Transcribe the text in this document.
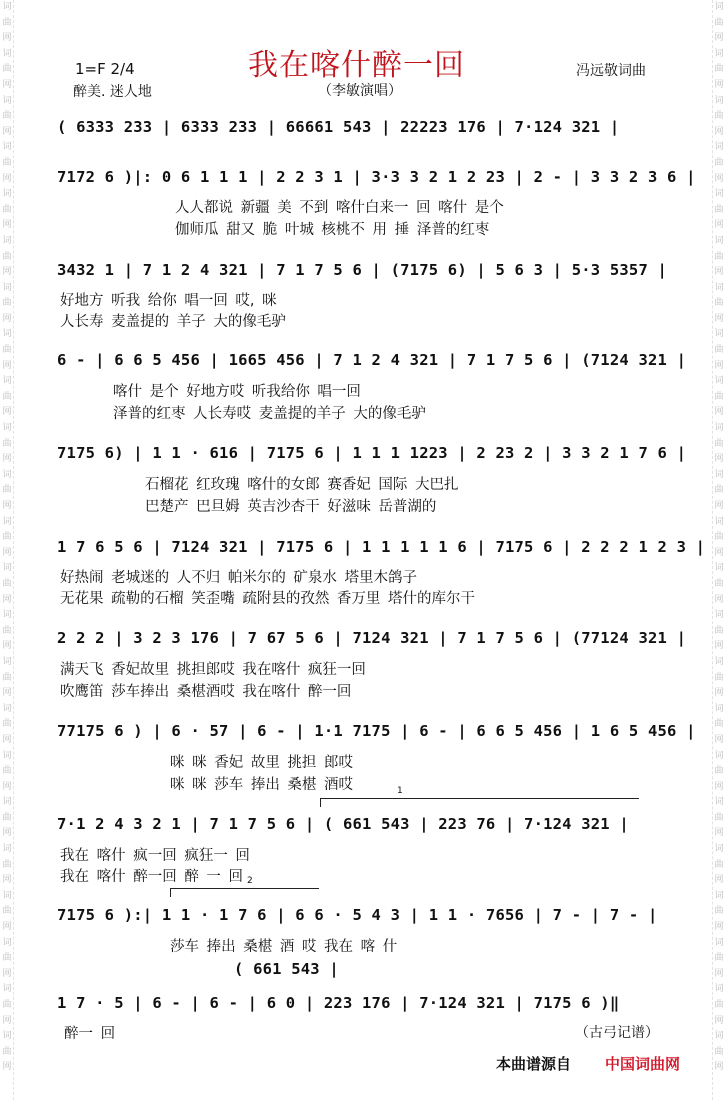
词曲网词曲网词曲网词曲网词曲网词曲网词曲网词曲网词曲网词曲网词曲网词曲网词曲网词曲网词曲网词曲网词曲网词曲网词曲网词曲网词曲网词曲网词曲网
词曲网词曲网词曲网词曲网词曲网词曲网词曲网词曲网词曲网词曲网词曲网词曲网词曲网词曲网词曲网词曲网词曲网词曲网词曲网词曲网词曲网词曲网词曲网
1=F 2/4
醉美. 迷人地
我在喀什醉一回
（李敏演唱）
冯远敬词曲
( 6333 233 | 6333 233 | 66661 543 | 22223 176 | 7·124 321 |
7172 6 )|: 0 6 1 1 1 | 2 2 3 1 | 3·3 3 2 1 2 23 | 2 - | 3 3 2 3 6 |
人人都说 新疆 美 不到 喀什白来一 回 喀什 是个
伽师瓜 甜又 脆 叶城 核桃不 用 捶 泽普的红枣
3432 1 | 7 1 2 4 321 | 7 1 7 5 6 | (7175 6) | 5 6 3 | 5·3 5357 |
好地方 听我 给你 唱一回 哎, 咪
人长寿 麦盖提的 羊子 大的像毛驴
6 - | 6 6 5 456 | 1665 456 | 7 1 2 4 321 | 7 1 7 5 6 | (7124 321 |
喀什 是个 好地方哎 听我给你 唱一回
泽普的红枣 人长寿哎 麦盖提的羊子 大的像毛驴
7175 6) | 1 1 · 616 | 7175 6 | 1 1 1 1223 | 2 23 2 | 3 3 2 1 7 6 |
石榴花 红玫瑰 喀什的女郎 赛香妃 国际 大巴扎
巴楚产 巴旦姆 英吉沙杏干 好滋味 岳普湖的
1 7 6 5 6 | 7124 321 | 7175 6 | 1 1 1 1 1 6 | 7175 6 | 2 2 2 1 2 3 |
好热闹 老城迷的 人不归 帕米尔的 矿泉水 塔里木鸽子
无花果 疏勒的石榴 笑歪嘴 疏附县的孜然 香万里 塔什的库尔干
2 2 2 | 3 2 3 176 | 7 67 5 6 | 7124 321 | 7 1 7 5 6 | (77124 321 |
满天飞 香妃故里 挑担郎哎 我在喀什 疯狂一回
吹鹰笛 莎车捧出 桑椹酒哎 我在喀什 醉一回
77175 6 ) | 6 · 57 | 6 - | 1·1 7175 | 6 - | 6 6 5 456 | 1 6 5 456 |
咪 咪 香妃 故里 挑担 郎哎
咪 咪 莎车 捧出 桑椹 酒哎	1
7·1 2 4 3 2 1 | 7 1 7 5 6 | ( 661 543 | 223 76 | 7·124 321 |
我在 喀什 疯一回 疯狂一 回
我在 喀什 醉一回 醉 一 回 2
7175 6 ):| 1 1 · 1 7 6 | 6 6 · 5 4 3 | 1 1 · 7656 | 7 - | 7 - |
莎车 捧出 桑椹 酒 哎 我在 喀 什
( 661 543 |
1 7 · 5 | 6 - | 6 - | 6 0 | 223 176 | 7·124 321 | 7175 6 )‖
醉一 回	（古弓记谱）
本曲谱源自 中国词曲网
